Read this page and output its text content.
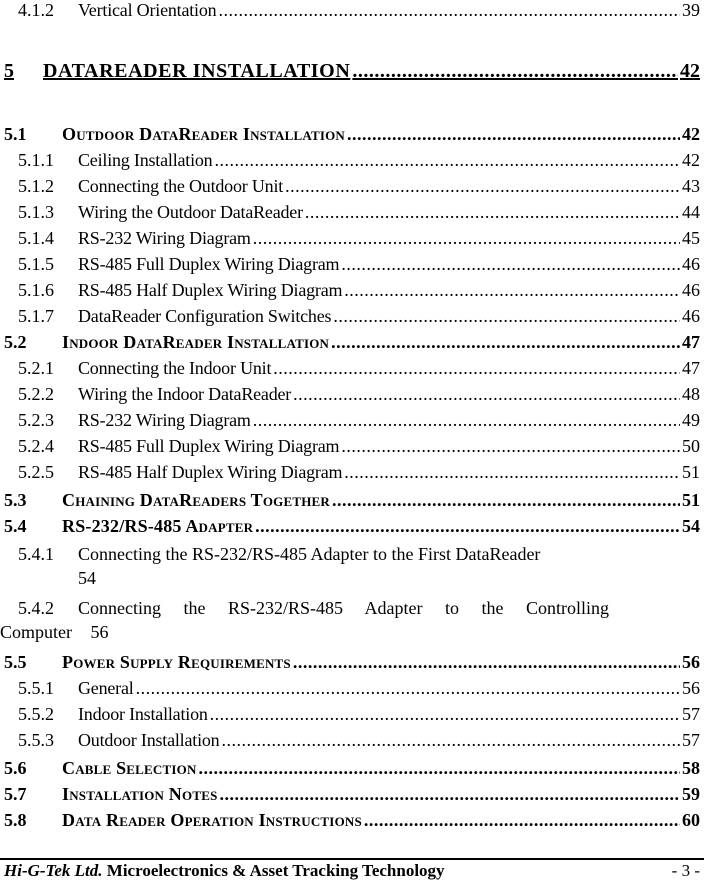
4.1.2	Vertical Orientation .....	39
5	DATAREADER INSTALLATION .....	42
5.1	Outdoor DataReader Installation .....	42
5.1.1	Ceiling Installation .....	42
5.1.2	Connecting the Outdoor Unit .....	43
5.1.3	Wiring the Outdoor DataReader .....	44
5.1.4	RS-232 Wiring Diagram .....	45
5.1.5	RS-485 Full Duplex Wiring Diagram .....	46
5.1.6	RS-485 Half Duplex Wiring Diagram .....	46
5.1.7	DataReader Configuration Switches .....	46
5.2	Indoor DataReader Installation .....	47
5.2.1	Connecting the Indoor Unit .....	47
5.2.2	Wiring the Indoor DataReader .....	48
5.2.3	RS-232 Wiring Diagram .....	49
5.2.4	RS-485 Full Duplex Wiring Diagram .....	50
5.2.5	RS-485 Half Duplex Wiring Diagram .....	51
5.3	Chaining DataReaders Together .....	51
5.4	RS-232/RS-485 Adapter .....	54
5.4.1 Connecting the RS-232/RS-485 Adapter to the First DataReader
54
5.4.2 Connecting the RS-232/RS-485 Adapter to the Controlling Computer 56
5.5	Power Supply Requirements .....	56
5.5.1	General .....	56
5.5.2	Indoor Installation .....	57
5.5.3	Outdoor Installation .....	57
5.6	Cable Selection .....	58
5.7	Installation Notes .....	59
5.8	Data Reader Operation Instructions .....	60
Hi-G-Tek Ltd. Microelectronics & Asset Tracking Technology	- 3 -
